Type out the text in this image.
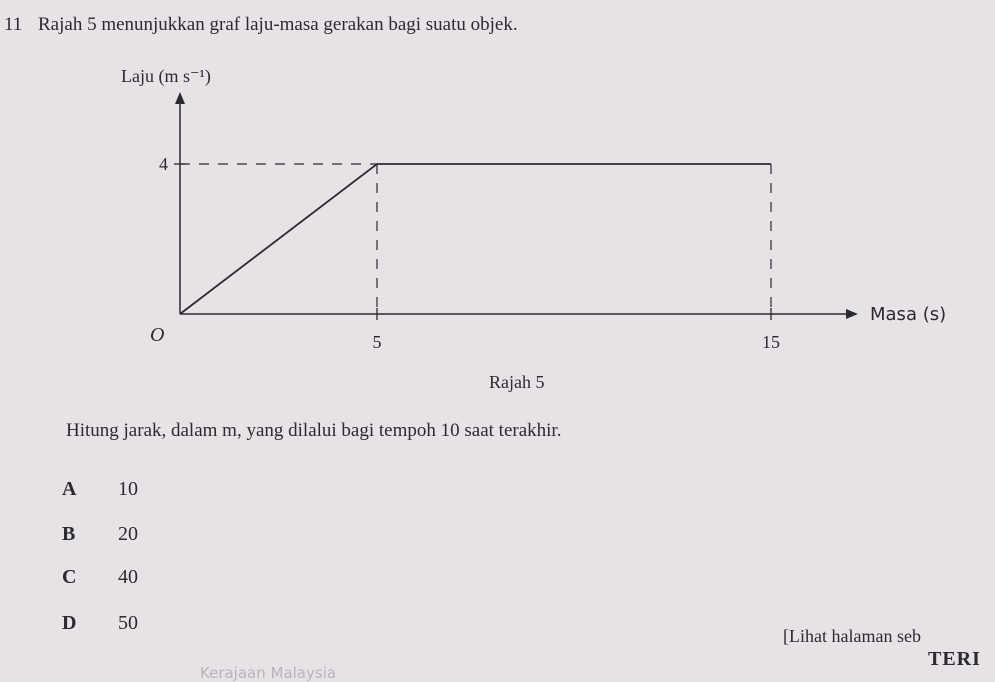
11 Rajah 5 menunjukkan graf laju-masa gerakan bagi suatu objek.
Laju (m s⁻¹)
Masa (s)
O
4
5	15
Rajah 5
Hitung jarak, dalam m, yang dilalui bagi tempoh 10 saat terakhir.
A 10
B 20
C 40
D 50
[Lihat halaman seb
TERI
Kerajaan Malaysia
